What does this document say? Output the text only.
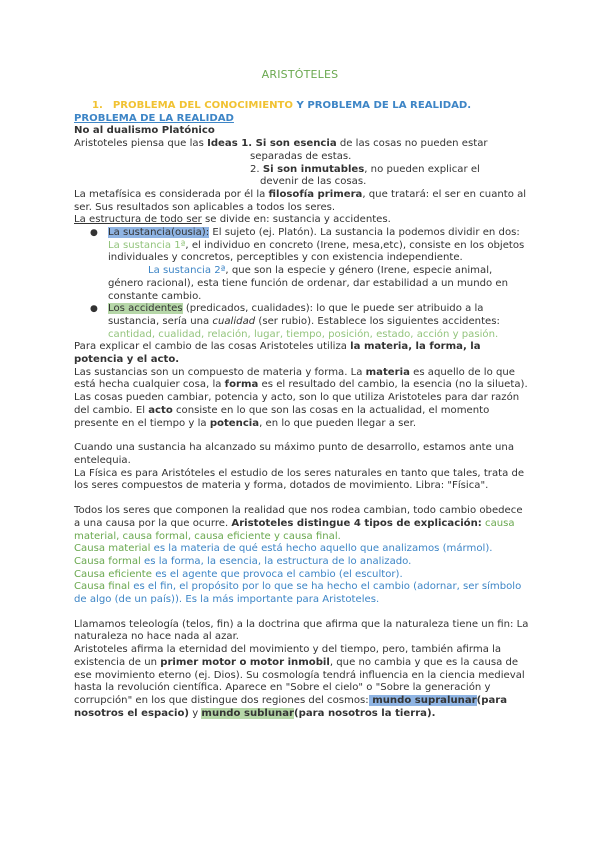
ARISTÓTELES

1. PROBLEMA DEL CONOCIMIENTO Y PROBLEMA DE LA REALIDAD.

PROBLEMA DE LA REALIDAD

No al dualismo Platónico

Aristoteles piensa que las Ideas 1. Si son esencia de las cosas no pueden estar

separadas de estas.

2. Si son inmutables, no pueden explicar el

devenir de las cosas.

La metafísica es considerada por él la filosofía primera, que tratará: el ser en cuanto al ser. Sus resultados son aplicables a todos los seres.

La estructura de todo ser se divide en: sustancia y accidentes.

● La sustancia(ousia): El sujeto (ej. Platón). La sustancia la podemos dividir en dos: La sustancia 1ª, el individuo en concreto (Irene, mesa,etc), consiste en los objetos individuales y concretos, perceptibles y con existencia independiente.
La sustancia 2ª, que son la especie y género (Irene, especie animal, género racional), esta tiene función de ordenar, dar estabilidad a un mundo en constante cambio.
● Los accidentes (predicados, cualidades): lo que le puede ser atribuido a la sustancia, sería una cualidad (ser rubio). Establece los siguientes accidentes: cantidad, cualidad, relación, lugar, tiempo, posición, estado, acción y pasión.

Para explicar el cambio de las cosas Aristoteles utiliza la materia, la forma, la potencia y el acto.

Las sustancias son un compuesto de materia y forma. La materia es aquello de lo que está hecha cualquier cosa, la forma es el resultado del cambio, la esencia (no la silueta).

Las cosas pueden cambiar, potencia y acto, son lo que utiliza Aristoteles para dar razón del cambio. El acto consiste en lo que son las cosas en la actualidad, el momento presente en el tiempo y la potencia, en lo que pueden llegar a ser.

Cuando una sustancia ha alcanzado su máximo punto de desarrollo, estamos ante una entelequia.

La Física es para Aristóteles el estudio de los seres naturales en tanto que tales, trata de los seres compuestos de materia y forma, dotados de movimiento. Libra: "Física".

Todos los seres que componen la realidad que nos rodea cambian, todo cambio obedece a una causa por la que ocurre. Aristoteles distingue 4 tipos de explicación: causa material, causa formal, causa eficiente y causa final.

Causa material es la materia de qué está hecho aquello que analizamos (mármol).

Causa formal es la forma, la esencia, la estructura de lo analizado.

Causa eficiente es el agente que provoca el cambio (el escultor).

Causa final es el fin, el propósito por lo que se ha hecho el cambio (adornar, ser símbolo de algo (de un país)). Es la más importante para Aristoteles.

Llamamos teleología (telos, fin) a la doctrina que afirma que la naturaleza tiene un fin: La naturaleza no hace nada al azar.

Aristoteles afirma la eternidad del movimiento y del tiempo, pero, también afirma la existencia de un primer motor o motor inmobil, que no cambia y que es la causa de ese movimiento eterno (ej. Dios). Su cosmología tendrá influencia en la ciencia medieval hasta la revolución científica. Aparece en "Sobre el cielo" o "Sobre la generación y corrupción" en los que distingue dos regiones del cosmos: mundo supralunar(para nosotros el espacio) y mundo sublunar(para nosotros la tierra).
